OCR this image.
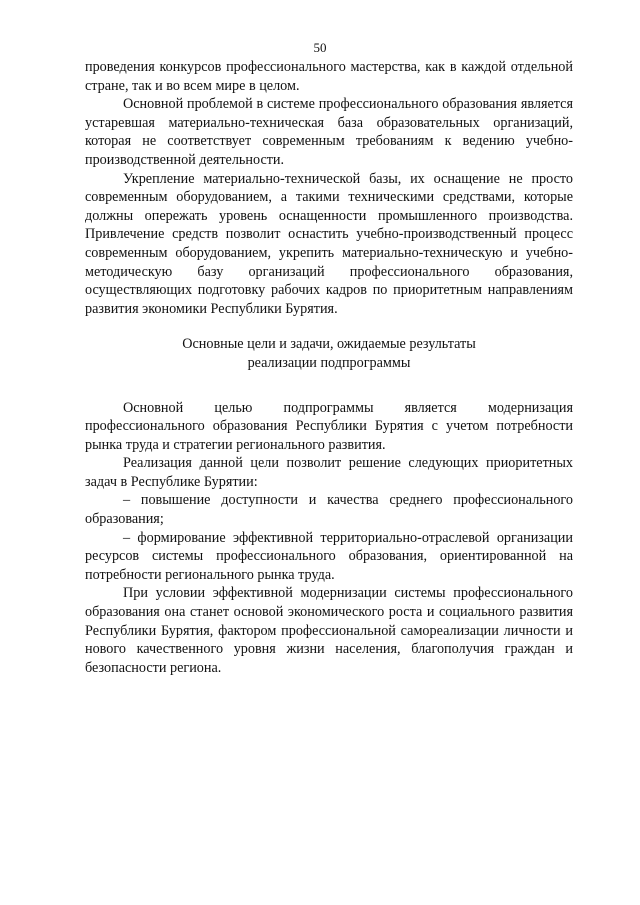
50

проведения конкурсов профессионального мастерства, как в каждой отдельной стране, так и во всем мире в целом.

Основной проблемой в системе профессионального образования является устаревшая материально-техническая база образовательных организаций, которая не соответствует современным требованиям к ведению учебно-производственной деятельности.

Укрепление материально-технической базы, их оснащение не просто современным оборудованием, а такими техническими средствами, которые должны опережать уровень оснащенности промышленного производства. Привлечение средств позволит оснастить учебно-производственный процесс современным оборудованием, укрепить материально-техническую и учебно-методическую базу организаций профессионального образования, осуществляющих подготовку рабочих кадров по приоритетным направлениям развития экономики Республики Бурятия.

Основные цели и задачи, ожидаемые результаты
реализации подпрограммы

Основной целью подпрограммы является модернизация профессионального образования Республики Бурятия с учетом потребности рынка труда и стратегии регионального развития.

Реализация данной цели позволит решение следующих приоритетных задач в Республике Бурятии:

– повышение доступности и качества среднего профессионального образования;

– формирование эффективной территориально-отраслевой организации ресурсов системы профессионального образования, ориентированной на потребности регионального рынка труда.

При условии эффективной модернизации системы профессионального образования она станет основой экономического роста и социального развития Республики Бурятия, фактором профессиональной самореализации личности и нового качественного уровня жизни населения, благополучия граждан и безопасности региона.
